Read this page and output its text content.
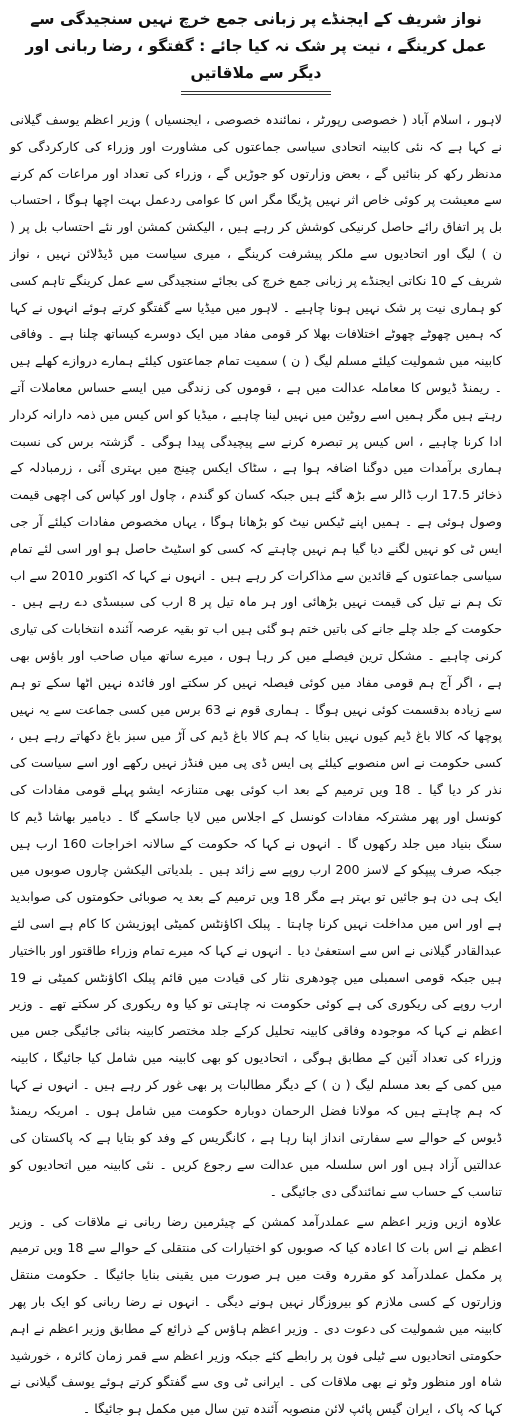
نواز شریف کے ایجنڈے پر زبانی جمع خرچ نہیں سنجیدگی سے عمل کرینگے ، نیت پر شک نہ کیا جائے : گفتگو ، رضا ربانی اور دیگر سے ملاقاتیں

لاہور ، اسلام آباد ( خصوصی رپورٹر ، نمائندہ خصوصی ، ایجنسیاں ) وزیر اعظم یوسف گیلانی نے کہا ہے کہ نئی کابینہ اتحادی سیاسی جماعتوں کی مشاورت اور وزراء کی کارکردگی کو مدنظر رکھ کر بنائیں گے ، بعض وزارتوں کو جوڑیں گے ، وزراء کی تعداد اور مراعات کم کرنے سے معیشت پر کوئی خاص اثر نہیں پڑیگا مگر اس کا عوامی ردعمل بہت اچھا ہوگا ، احتساب بل پر اتفاق رائے حاصل کرنیکی کوشش کر رہے ہیں ، الیکشن کمشن اور نئے احتساب بل پر ( ن ) لیگ اور اتحادیوں سے ملکر پیشرفت کرینگے ، میری سیاست میں ڈیڈلائن نہیں ، نواز شریف کے 10 نکاتی ایجنڈے پر زبانی جمع خرچ کی بجائے سنجیدگی سے عمل کرینگے تاہم کسی کو ہماری نیت پر شک نہیں ہونا چاہیے ۔ لاہور میں میڈیا سے گفتگو کرتے ہوئے انہوں نے کہا کہ ہمیں چھوٹے چھوٹے اختلافات بھلا کر قومی مفاد میں ایک دوسرے کیساتھ چلنا ہے ۔ وفاقی کابینہ میں شمولیت کیلئے مسلم لیگ ( ن ) سمیت تمام جماعتوں کیلئے ہمارے دروازے کھلے ہیں ۔ ریمنڈ ڈیوس کا معاملہ عدالت میں ہے ، قوموں کی زندگی میں ایسے حساس معاملات آتے رہتے ہیں مگر ہمیں اسے روٹین میں نہیں لینا چاہیے ، میڈیا کو اس کیس میں ذمہ دارانہ کردار ادا کرنا چاہیے ، اس کیس پر تبصرہ کرنے سے پیچیدگی پیدا ہوگی ۔ گزشتہ برس کی نسبت ہماری برآمدات میں دوگنا اضافہ ہوا ہے ، سٹاک ایکس چینج میں بہتری آئی ، زرمبادلہ کے ذخائر 17.5 ارب ڈالر سے بڑھ گئے ہیں جبکہ کسان کو گندم ، چاول اور کپاس کی اچھی قیمت وصول ہوئی ہے ۔ ہمیں اپنے ٹیکس نیٹ کو بڑھانا ہوگا ، یہاں مخصوص مفادات کیلئے آر جی ایس ٹی کو نہیں لگنے دیا گیا ہم نہیں چاہتے کہ کسی کو اسٹیٹ حاصل ہو اور اسی لئے تمام سیاسی جماعتوں کے قائدین سے مذاکرات کر رہے ہیں ۔ انہوں نے کہا کہ اکتوبر 2010 سے اب تک ہم نے تیل کی قیمت نہیں بڑھائی اور ہر ماہ تیل پر 8 ارب کی سبسڈی دے رہے ہیں ۔ حکومت کے جلد چلے جانے کی باتیں ختم ہو گئی ہیں اب تو بقیہ عرصہ آئندہ انتخابات کی تیاری کرنی چاہیے ۔ مشکل ترین فیصلے میں کر رہا ہوں ، میرے ساتھ میاں صاحب اور باؤس بھی ہے ، اگر آج ہم قومی مفاد میں کوئی فیصلہ نہیں کر سکتے اور فائدہ نہیں اٹھا سکے تو ہم سے زیادہ بدقسمت کوئی نہیں ہوگا ۔ ہماری قوم نے 63 برس میں کسی جماعت سے یہ نہیں پوچھا کہ کالا باغ ڈیم کیوں نہیں بنایا کہ ہم کالا باغ ڈیم کی آڑ میں سبز باغ دکھاتے رہے ہیں ، کسی حکومت نے اس منصوبے کیلئے پی ایس ڈی پی میں فنڈز نہیں رکھے اور اسے سیاست کی نذر کر دیا گیا ۔ 18 ویں ترمیم کے بعد اب کوئی بھی متنازعہ ایشو پہلے قومی مفادات کی کونسل اور پھر مشترکہ مفادات کونسل کے اجلاس میں لایا جاسکے گا ۔ دیامیر بھاشا ڈیم کا سنگ بنیاد میں جلد رکھوں گا ۔ انہوں نے کہا کہ حکومت کے سالانہ اخراجات 160 ارب ہیں جبکہ صرف پیپکو کے لاسز 200 ارب روپے سے زائد ہیں ۔ بلدیاتی الیکشن چاروں صوبوں میں ایک ہی دن ہو جائیں تو بہتر ہے مگر 18 ویں ترمیم کے بعد یہ صوبائی حکومتوں کی صوابدید ہے اور اس میں مداخلت نہیں کرنا چاہتا ۔ پبلک اکاؤنٹس کمیٹی اپوزیشن کا کام ہے اسی لئے عبدالقادر گیلانی نے اس سے استعفیٰ دیا ۔ انہوں نے کہا کہ میرے تمام وزراء طاقتور اور بااختیار ہیں جبکہ قومی اسمبلی میں چودھری نثار کی قیادت میں قائم پبلک اکاؤنٹس کمیٹی نے 19 ارب روپے کی ریکوری کی ہے کوئی حکومت نہ چاہتی تو کیا وہ ریکوری کر سکتے تھے ۔ وزیر اعظم نے کہا کہ موجودہ وفاقی کابینہ تحلیل کرکے جلد مختصر کابینہ بنائی جائیگی جس میں وزراء کی تعداد آئین کے مطابق ہوگی ، اتحادیوں کو بھی کابینہ میں شامل کیا جائیگا ، کابینہ میں کمی کے بعد مسلم لیگ ( ن ) کے دیگر مطالبات پر بھی غور کر رہے ہیں ۔ انہوں نے کہا کہ ہم چاہتے ہیں کہ مولانا فضل الرحمان دوبارہ حکومت میں شامل ہوں ۔ امریکہ ریمنڈ ڈیوس کے حوالے سے سفارتی انداز اپنا رہا ہے ، کانگریس کے وفد کو بتایا ہے کہ پاکستان کی عدالتیں آزاد ہیں اور اس سلسلہ میں عدالت سے رجوع کریں ۔ نئی کابینہ میں اتحادیوں کو تناسب کے حساب سے نمائندگی دی جائیگی ۔

علاوہ ازیں وزیر اعظم سے عملدرآمد کمشن کے چیئرمین رضا ربانی نے ملاقات کی ۔ وزیر اعظم نے اس بات کا اعادہ کیا کہ صوبوں کو اختیارات کی منتقلی کے حوالے سے 18 ویں ترمیم پر مکمل عملدرآمد کو مقررہ وقت میں ہر صورت میں یقینی بنایا جائیگا ۔ حکومت منتقل وزارتوں کے کسی ملازم کو بیروزگار نہیں ہونے دیگی ۔ انہوں نے رضا ربانی کو ایک بار پھر کابینہ میں شمولیت کی دعوت دی ۔ وزیر اعظم ہاؤس کے ذرائع کے مطابق وزیر اعظم نے اہم حکومتی اتحادیوں سے ٹیلی فون پر رابطے کئے جبکہ وزیر اعظم سے قمر زمان کائرہ ، خورشید شاہ اور منظور وٹو نے بھی ملاقات کی ۔ ایرانی ٹی وی سے گفتگو کرتے ہوئے یوسف گیلانی نے کہا کہ پاک ، ایران گیس پائپ لائن منصوبہ آئندہ تین سال میں مکمل ہو جائیگا ۔
